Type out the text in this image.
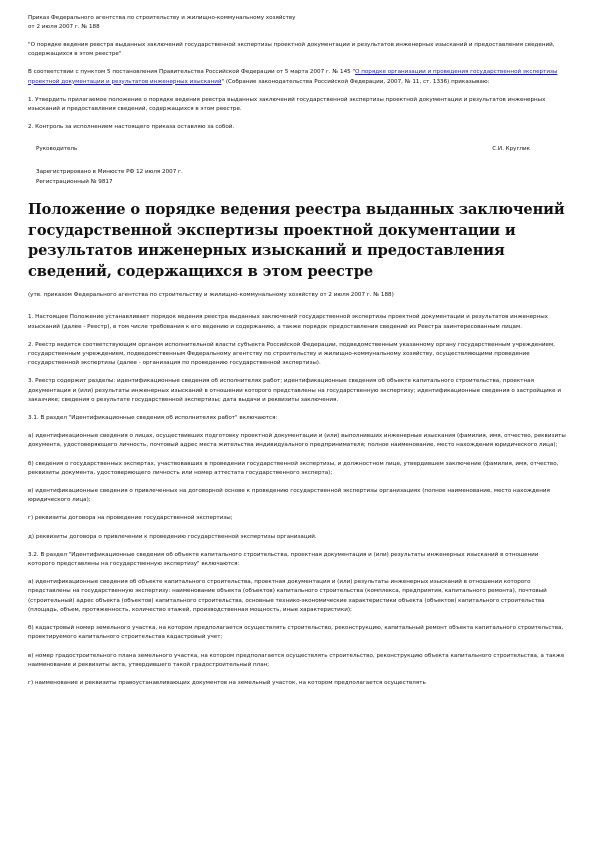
Приказ Федерального агентства по строительству и жилищно-коммунальному хозяйству

от 2 июля 2007 г. № 188

"О порядке ведения реестра выданных заключений государственной экспертизы проектной документации и результатов инженерных изысканий и предоставления сведений, содержащихся в этом реестре"

В соответствии с пунктом 5 постановления Правительства Российской Федерации от 5 марта 2007 г. № 145 "О порядке организации и проведения государственной экспертизы проектной документации и результатов инженерных изысканий" (Собрание законодательства Российской Федерации, 2007, № 11, ст. 1336) приказываю:

1. Утвердить прилагаемое положение о порядке ведения реестра выданных заключений государственной экспертизы проектной документации и результатов инженерных изысканий и предоставления сведений, содержащихся в этом реестре.

2. Контроль за исполнением настоящего приказа оставляю за собой.

Руководитель	С.И. Круглик

Зарегистрировано в Минюсте РФ 12 июля 2007 г.

Регистрационный № 9817

Положение о порядке ведения реестра выданных заключений государственной экспертизы проектной документации и результатов инженерных изысканий и предоставления сведений, содержащихся в этом реестре

(утв. приказом Федерального агентства по строительству и жилищно-коммунальному хозяйству от 2 июля 2007 г. № 188)

1. Настоящее Положение устанавливает порядок ведения реестра выданных заключений государственной экспертизы проектной документации и результатов инженерных изысканий (далее - Реестр), в том числе требования к его ведению и содержанию, а также порядок предоставления сведений из Реестра заинтересованным лицам.

2. Реестр ведется соответствующим органом исполнительной власти субъекта Российской Федерации, подведомственным указанному органу государственным учреждением, государственным учреждением, подведомственным Федеральному агентству по строительству и жилищно-коммунальному хозяйству, осуществляющими проведение государственной экспертизы (далее - организация по проведению государственной экспертизы).

3. Реестр содержит разделы: идентификационные сведения об исполнителях работ; идентификационные сведения об объекте капитального строительства, проектная документация и (или) результаты инженерных изысканий в отношении которого представлены на государственную экспертизу; идентификационные сведения о застройщике и заказчике; сведения о результате государственной экспертизы; дата выдачи и реквизиты заключения.

3.1. В раздел "Идентификационные сведения об исполнителях работ" включаются:

а) идентификационные сведения о лицах, осуществивших подготовку проектной документации и (или) выполнивших инженерные изыскания (фамилия, имя, отчество, реквизиты документа, удостоверяющего личность, почтовый адрес места жительства индивидуального предпринимателя; полное наименование, место нахождения юридического лица);

б) сведения о государственных экспертах, участвовавших в проведении государственной экспертизы, и должностном лице, утвердившем заключение (фамилия, имя, отчество, реквизиты документа, удостоверяющего личность или номер аттестата государственного эксперта);

в) идентификационные сведения о привлеченных на договорной основе к проведению государственной экспертизы организациях (полное наименование, место нахождения юридического лица);

г) реквизиты договора на проведение государственной экспертизы;

д) реквизиты договора о привлечении к проведению государственной экспертизы организаций.

3.2. В раздел "Идентификационные сведения об объекте капитального строительства, проектная документация и (или) результаты инженерных изысканий в отношении которого представлены на государственную экспертизу" включаются:

а) идентификационные сведения об объекте капитального строительства, проектная документация и (или) результаты инженерных изысканий в отношении которого представлены на государственную экспертизу: наименование объекта (объектов) капитального строительства (комплекса, предприятия, капитального ремонта), почтовый (строительный) адрес объекта (объектов) капитального строительства, основные технико-экономические характеристики объекта (объектов) капитального строительства (площадь, объем, протяженность, количество этажей, производственная мощность, иные характеристики);

б) кадастровый номер земельного участка, на котором предполагается осуществлять строительство, реконструкцию, капитальный ремонт объекта капитального строительства, проектируемого капитального строительства кадастровый учет;

в) номер градостроительного плана земельного участка, на котором предполагается осуществлять строительство, реконструкцию объекта капитального строительства, а также наименование и реквизиты акта, утвердившего такой градостроительный план;

г) наименование и реквизиты правоустанавливающих документов на земельный участок, на котором предполагается осуществлять
